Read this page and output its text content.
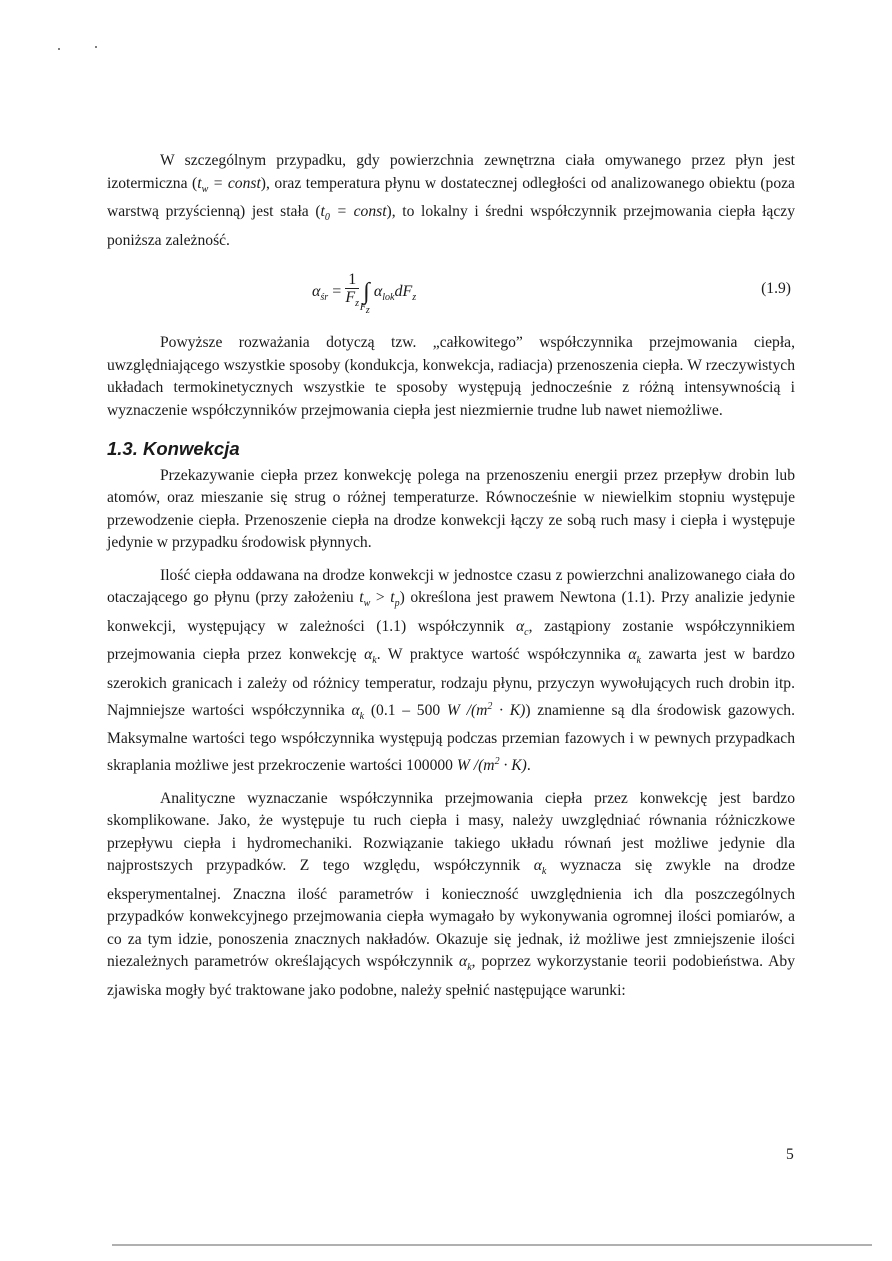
W szczególnym przypadku, gdy powierzchnia zewnętrzna ciała omywanego przez płyn jest izotermiczna ($t_w$ = const), oraz temperatura płynu w dostatecznej odległości od analizowanego obiektu (poza warstwą przyścienną) jest stała ($t_0$ = const), to lokalny i średni współczynnik przejmowania ciepła łączy poniższa zależność.

$\alpha_{śr} = \frac{1}{F_z} \int_{F_z}$ $\alpha_{lok}dF_z$
(1.9)

Powyższe rozważania dotyczą tzw. „całkowitego” współczynnika przejmowania ciepła, uwzględniającego wszystkie sposoby (kondukcja, konwekcja, radiacja) przenoszenia ciepła. W rzeczywistych układach termokinetycznych wszystkie te sposoby występują jednocześnie z różną intensywnością i wyznaczenie współczynników przejmowania ciepła jest niezmiernie trudne lub nawet niemożliwe.

1.3. Konwekcja

Przekazywanie ciepła przez konwekcję polega na przenoszeniu energii przez przepływ drobin lub atomów, oraz mieszanie się strug o różnej temperaturze. Równocześnie w niewielkim stopniu występuje przewodzenie ciepła. Przenoszenie ciepła na drodze konwekcji łączy ze sobą ruch masy i ciepła i występuje jedynie w przypadku środowisk płynnych.

Ilość ciepła oddawana na drodze konwekcji w jednostce czasu z powierzchni analizowanego ciała do otaczającego go płynu (przy założeniu $t_w > t_p$) określona jest prawem Newtona (1.1). Przy analizie jedynie konwekcji, występujący w zależności (1.1) współczynnik $\alpha_c$, zastąpiony zostanie współczynnikiem przejmowania ciepła przez konwekcję $\alpha_k$. W praktyce wartość współczynnika $\alpha_k$ zawarta jest w bardzo szerokich granicach i zależy od różnicy temperatur, rodzaju płynu, przyczyn wywołujących ruch drobin itp. Najmniejsze wartości współczynnika $\alpha_k$ (0.1 – 500 W $/(m^2 \cdot K)$) znamienne są dla środowisk gazowych. Maksymalne wartości tego współczynnika występują podczas przemian fazowych i w pewnych przypadkach skraplania możliwe jest przekroczenie wartości 100000 W $/(m^2 \cdot K)$.

Analityczne wyznaczanie współczynnika przejmowania ciepła przez konwekcję jest bardzo skomplikowane. Jako, że występuje tu ruch ciepła i masy, należy uwzględniać równania różniczkowe przepływu ciepła i hydromechaniki. Rozwiązanie takiego układu równań jest możliwe jedynie dla najprostszych przypadków. Z tego względu, współczynnik $\alpha_k$ wyznacza się zwykle na drodze eksperymentalnej. Znaczna ilość parametrów i konieczność uwzględnienia ich dla poszczególnych przypadków konwekcyjnego przejmowania ciepła wymagało by wykonywania ogromnej ilości pomiarów, a co za tym idzie, ponoszenia znacznych nakładów. Okazuje się jednak, iż możliwe jest zmniejszenie ilości niezależnych parametrów określających współczynnik $\alpha_k$, poprzez wykorzystanie teorii podobieństwa. Aby zjawiska mogły być traktowane jako podobne, należy spełnić następujące warunki:

5
